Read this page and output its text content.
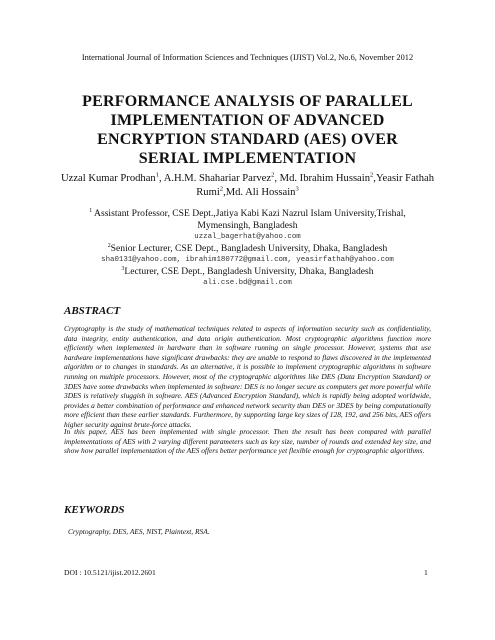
International Journal of Information Sciences and Techniques (IJIST) Vol.2, No.6, November 2012
PERFORMANCE ANALYSIS OF PARALLEL
IMPLEMENTATION OF ADVANCED
ENCRYPTION STANDARD (AES) OVER
SERIAL IMPLEMENTATION
Uzzal Kumar Prodhan$^1$, A.H.M. Shahariar Parvez$^2$, Md. Ibrahim Hussain$^2$,Yeasir Fathah Rumi$^2$,Md. Ali Hossain$^3$
$^1$ Assistant Professor, CSE Dept.,Jatiya Kabi Kazi Nazrul Islam University,Trishal,
Mymensingh, Bangladesh
uzzal_bagerhat@yahoo.com
$^2$Senior Lecturer, CSE Dept., Bangladesh University, Dhaka, Bangladesh
sha0131@yahoo.com, ibrahim180772@gmail.com, yeasirfathah@yahoo.com
$^3$Lecturer, CSE Dept., Bangladesh University, Dhaka, Bangladesh
ali.cse.bd@gmail.com
ABSTRACT

Cryptography is the study of mathematical techniques related to aspects of information security such as confidentiality, data integrity, entity authentication, and data origin authentication. Most cryptographic algorithms function more efficiently when implemented in hardware than in software running on single processor. However, systems that use hardware implementations have significant drawbacks: they are unable to respond to flaws discovered in the implemented algorithm or to changes in standards. As an alternative, it is possible to implement cryptographic algorithms in software running on multiple processors. However, most of the cryptographic algorithms like DES (Data Encryption Standard) or 3DES have some drawbacks when implemented in software: DES is no longer secure as computers get more powerful while 3DES is relatively sluggish in software. AES (Advanced Encryption Standard), which is rapidly being adopted worldwide, provides a better combination of performance and enhanced network security than DES or 3DES by being computationally more efficient than these earlier standards. Furthermore, by supporting large key sizes of 128, 192, and 256 bits, AES offers higher security against brute-force attacks.

In this paper, AES has been implemented with single processor. Then the result has been compared with parallel implementations of AES with 2 varying different parameters such as key size, number of rounds and extended key size, and show how parallel implementation of the AES offers better performance yet flexible enough for cryptographic algorithms.

KEYWORDS
Cryptography, DES, AES, NIST, Plaintext, RSA.
DOI : 10.5121/ijist.2012.2601	1
